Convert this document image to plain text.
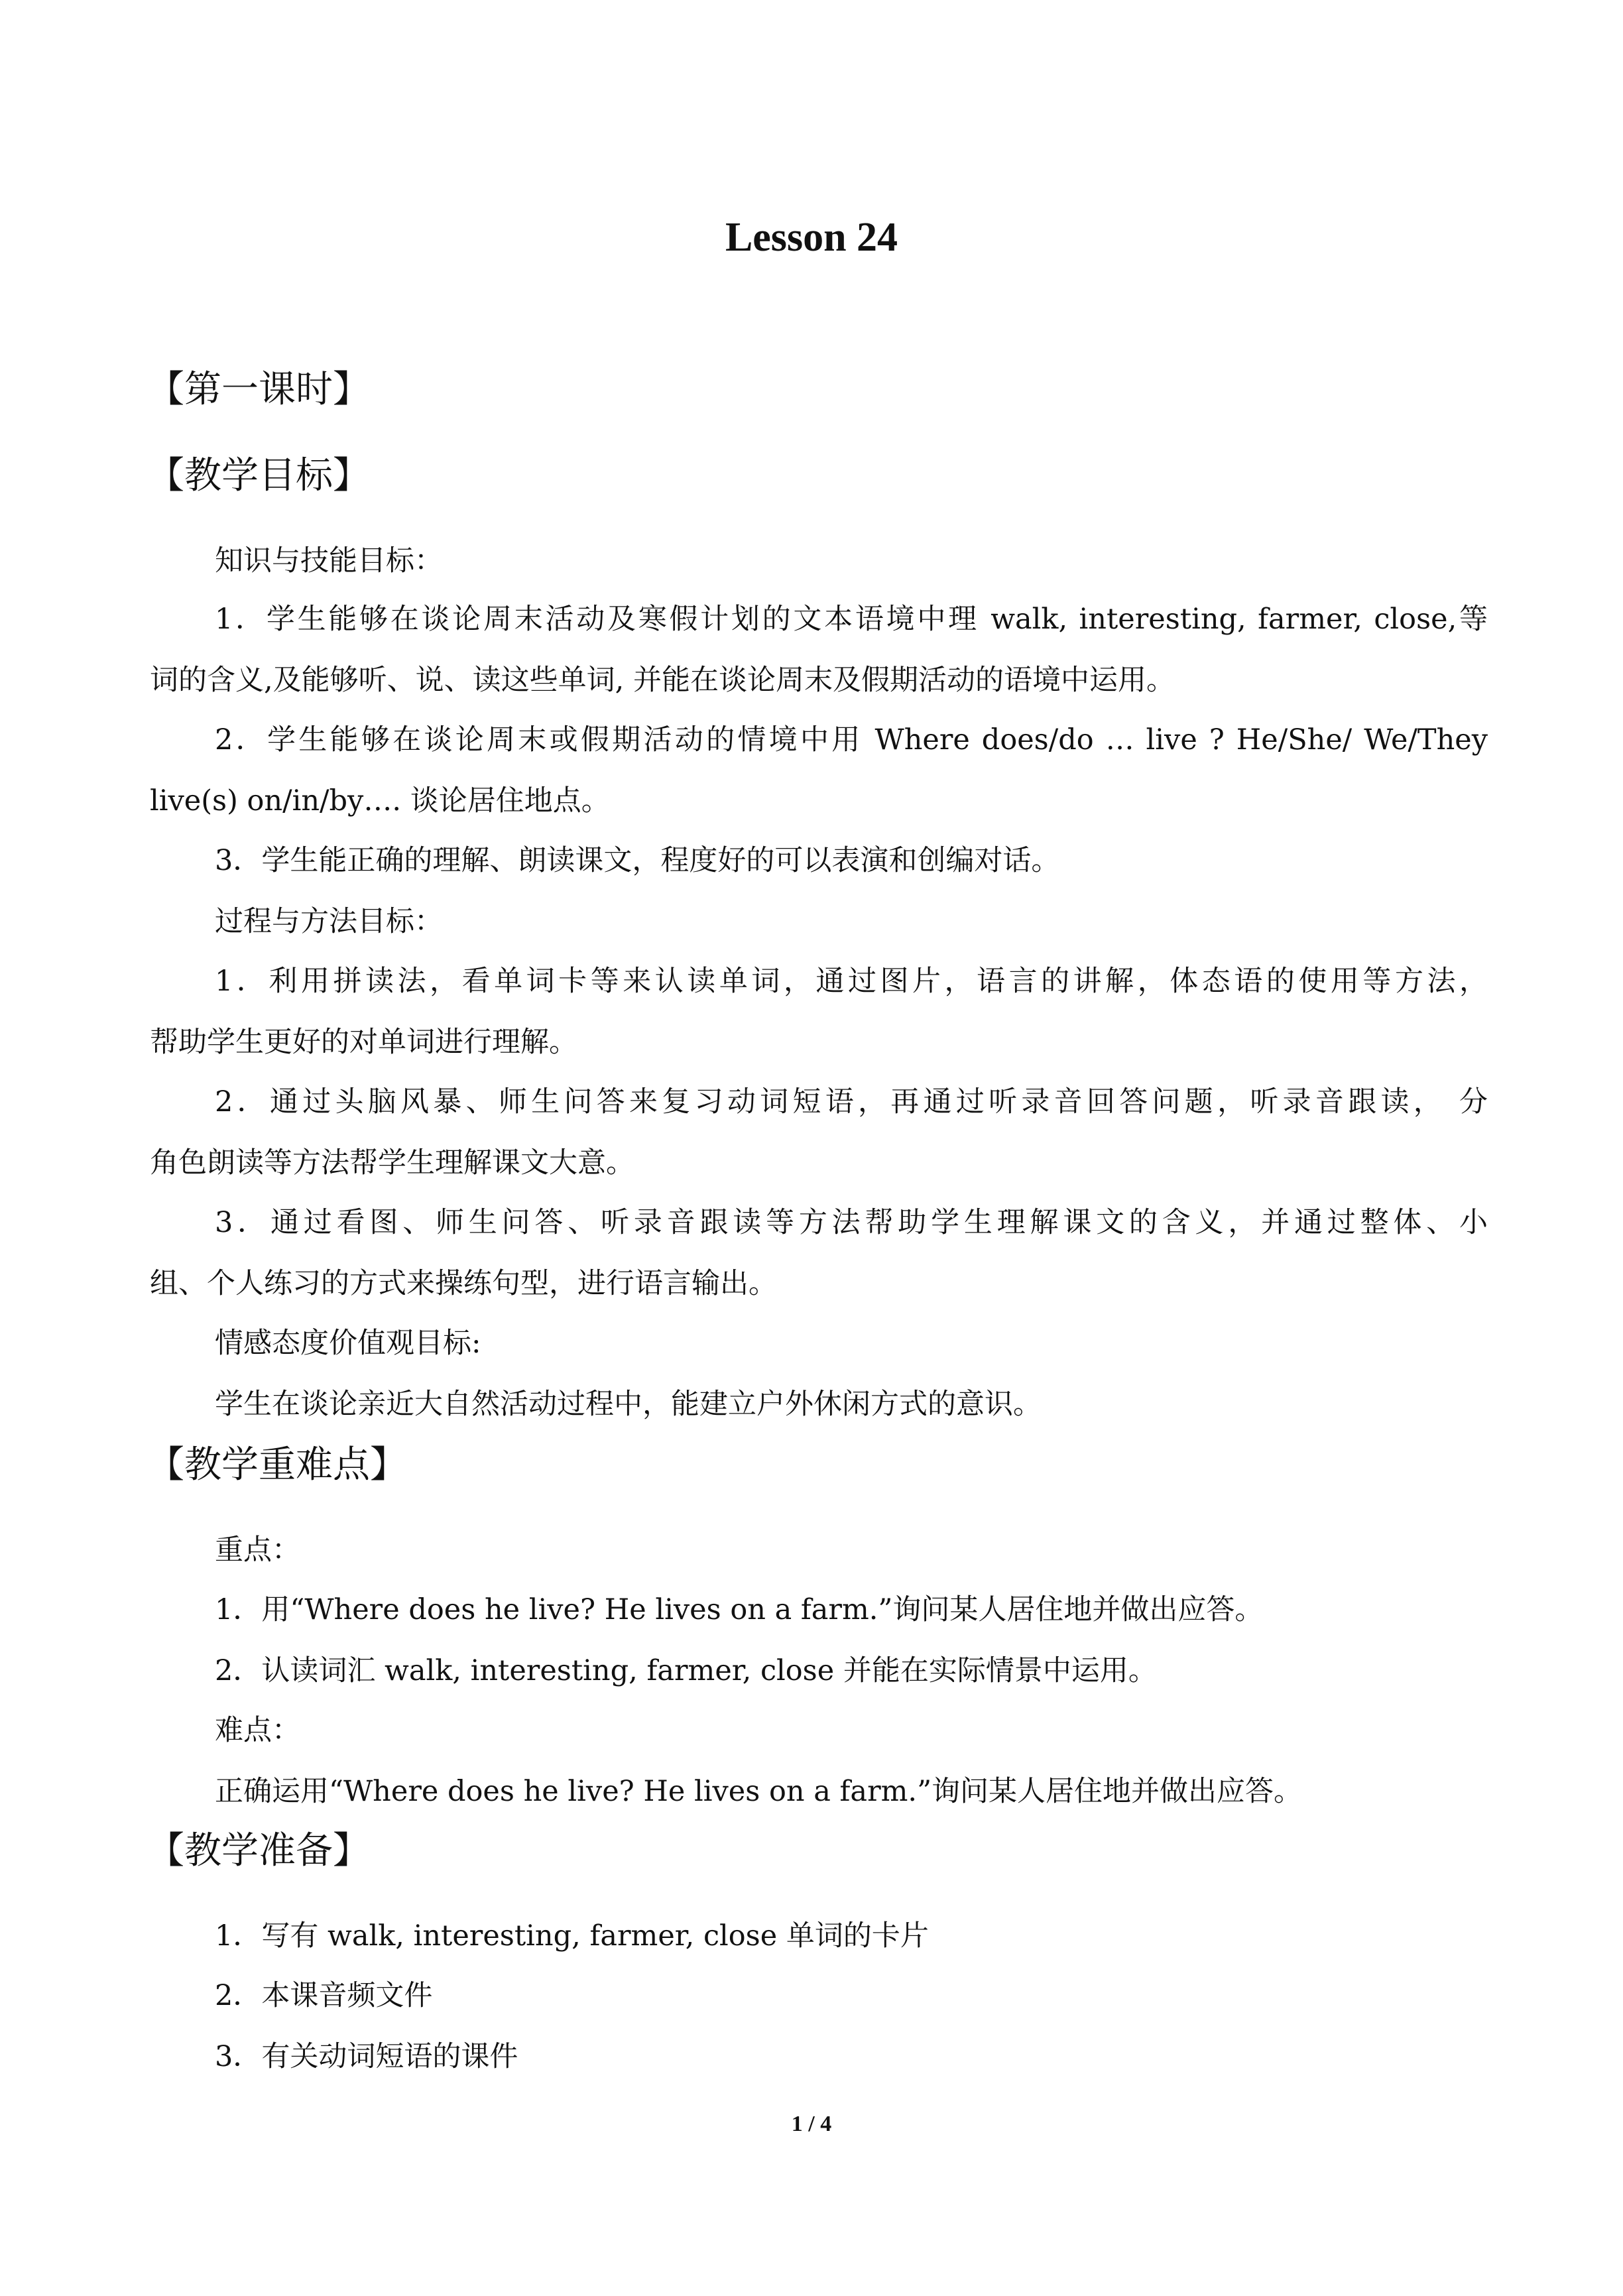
Lesson 24
【第一课时】
【教学目标】
知识与技能目标：
1．学生能够在谈论周末活动及寒假计划的文本语境中理 walk, interesting, farmer, close,等
词的含义,及能够听、说、读这些单词, 并能在谈论周末及假期活动的语境中运用。
2．学生能够在谈论周末或假期活动的情境中用 Where does/do … live ? He/She/ We/They
live(s) on/in/by…. 谈论居住地点。
3．学生能正确的理解、朗读课文，程度好的可以表演和创编对话。
过程与方法目标：
1．利用拼读法，看单词卡等来认读单词，通过图片，语言的讲解，体态语的使用等方法，
帮助学生更好的对单词进行理解。
2．通过头脑风暴、师生问答来复习动词短语，再通过听录音回答问题，听录音跟读， 分
角色朗读等方法帮学生理解课文大意。
3．通过看图、师生问答、听录音跟读等方法帮助学生理解课文的含义，并通过整体、小
组、个人练习的方式来操练句型，进行语言输出。
情感态度价值观目标:
学生在谈论亲近大自然活动过程中，能建立户外休闲方式的意识。
【教学重难点】
重点：
1．用“Where does he live? He lives on a farm.”询问某人居住地并做出应答。
2．认读词汇 walk, interesting, farmer, close 并能在实际情景中运用。
难点：
正确运用“Where does he live? He lives on a farm.”询问某人居住地并做出应答。
【教学准备】
1．写有 walk, interesting, farmer, close 单词的卡片
2．本课音频文件
3．有关动词短语的课件
1 / 4
